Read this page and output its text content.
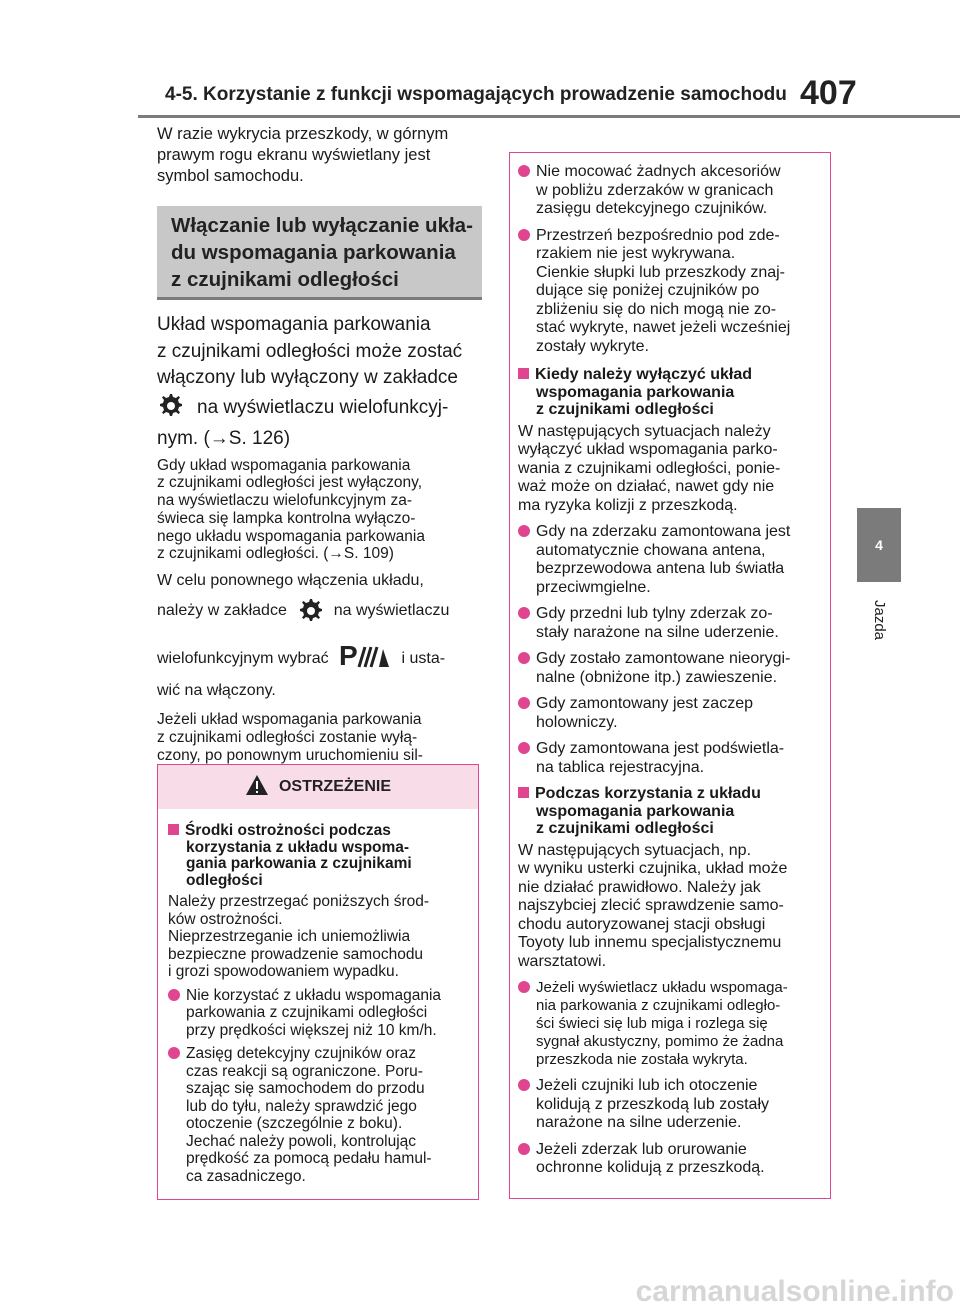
4-5. Korzystanie z funkcji wspomagających prowadzenie samochodu 407
4
Jazda

W razie wykrycia przeszkody, w górnym
prawym rogu ekranu wyświetlany jest
symbol samochodu.

Włączanie lub wyłączanie ukła-
du wspomagania parkowania
z czujnikami odległości

Układ wspomagania parkowania
z czujnikami odległości może zostać
włączony lub wyłączony w zakładce

na wyświetlaczu wielofunkcyj-

nym. (→S. 126)

Gdy układ wspomagania parkowania
z czujnikami odległości jest wyłączony,
na wyświetlaczu wielofunkcyjnym za-
świeca się lampka kontrolna wyłączo-
nego układu wspomagania parkowania
z czujnikami odległości. (→S. 109)

W celu ponownego włączenia układu,

należy w zakładce	na wyświetlaczu

wielofunkcyjnym wybrać P	i usta-

wić na włączony.

Jeżeli układ wspomagania parkowania
z czujnikami odległości zostanie wyłą-
czony, po ponownym uruchomieniu sil-

OSTRZEŻENIE

Środki ostrożności podczas
korzystania z układu wspoma-
gania parkowania z czujnikami
odległości

Należy przestrzegać poniższych środ-
ków ostrożności.
Nieprzestrzeganie ich uniemożliwia
bezpieczne prowadzenie samochodu
i grozi spowodowaniem wypadku.

Nie korzystać z układu wspomagania
parkowania z czujnikami odległości
przy prędkości większej niż 10 km/h.

Zasięg detekcyjny czujników oraz
czas reakcji są ograniczone. Poru-
szając się samochodem do przodu
lub do tyłu, należy sprawdzić jego
otoczenie (szczególnie z boku).
Jechać należy powoli, kontrolując
prędkość za pomocą pedału hamul-
ca zasadniczego.

Nie mocować żadnych akcesoriów
w pobliżu zderzaków w granicach
zasięgu detekcyjnego czujników.

Przestrzeń bezpośrednio pod zde-
rzakiem nie jest wykrywana.
Cienkie słupki lub przeszkody znaj-
dujące się poniżej czujników po
zbliżeniu się do nich mogą nie zo-
stać wykryte, nawet jeżeli wcześniej
zostały wykryte.

Kiedy należy wyłączyć układ
wspomagania parkowania
z czujnikami odległości

W następujących sytuacjach należy
wyłączyć układ wspomagania parko-
wania z czujnikami odległości, ponie-
waż może on działać, nawet gdy nie
ma ryzyka kolizji z przeszkodą.

Gdy na zderzaku zamontowana jest
automatycznie chowana antena,
bezprzewodowa antena lub światła
przeciwmgielne.

Gdy przedni lub tylny zderzak zo-
stały narażone na silne uderzenie.

Gdy zostało zamontowane nieorygi-
nalne (obniżone itp.) zawieszenie.

Gdy zamontowany jest zaczep
holowniczy.

Gdy zamontowana jest podświetla-
na tablica rejestracyjna.

Podczas korzystania z układu
wspomagania parkowania
z czujnikami odległości

W następujących sytuacjach, np.
w wyniku usterki czujnika, układ może
nie działać prawidłowo. Należy jak
najszybciej zlecić sprawdzenie samo-
chodu autoryzowanej stacji obsługi
Toyoty lub innemu specjalistycznemu
warsztatowi.

Jeżeli wyświetlacz układu wspomaga-
nia parkowania z czujnikami odległo-
ści świeci się lub miga i rozlega się
sygnał akustyczny, pomimo że żadna
przeszkoda nie została wykryta.

Jeżeli czujniki lub ich otoczenie
kolidują z przeszkodą lub zostały
narażone na silne uderzenie.

Jeżeli zderzak lub orurowanie
ochronne kolidują z przeszkodą.

carmanualsonline.info
